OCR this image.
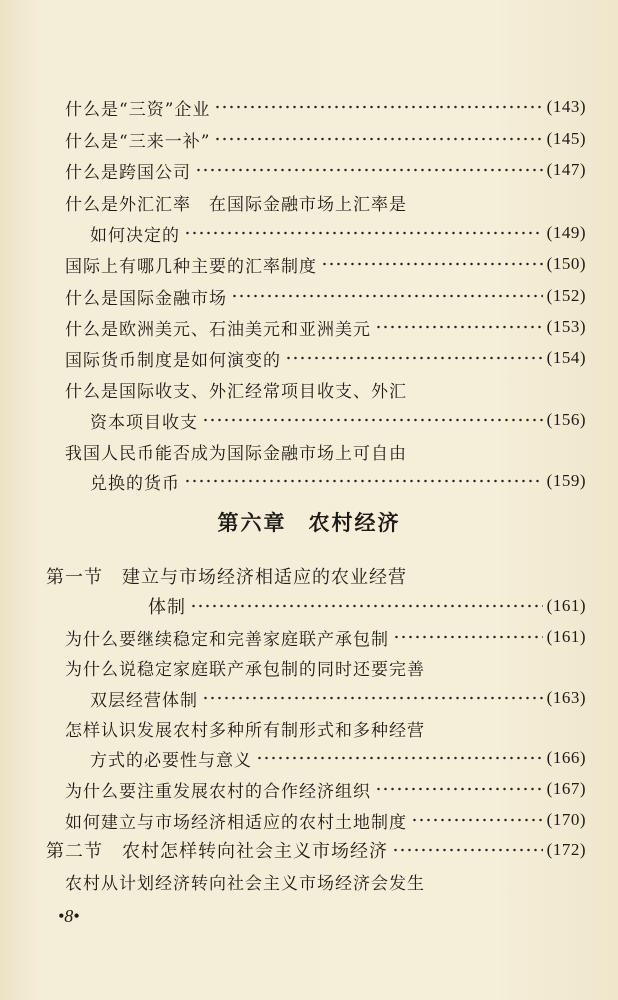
什么是“三资”企业	(143)
什么是“三来一补”	(145)
什么是跨国公司	(147)
什么是外汇汇率　在国际金融市场上汇率是
如何决定的	(149)
国际上有哪几种主要的汇率制度	(150)
什么是国际金融市场	(152)
什么是欧洲美元、石油美元和亚洲美元	(153)
国际货币制度是如何演变的	(154)
什么是国际收支、外汇经常项目收支、外汇
资本项目收支	(156)
我国人民币能否成为国际金融市场上可自由
兑换的货币	(159)
第六章 农村经济
第一节　建立与市场经济相适应的农业经营
体制	(161)
为什么要继续稳定和完善家庭联产承包制	(161)
为什么说稳定家庭联产承包制的同时还要完善
双层经营体制	(163)
怎样认识发展农村多种所有制形式和多种经营
方式的必要性与意义	(166)
为什么要注重发展农村的合作经济组织	(167)
如何建立与市场经济相适应的农村土地制度	(170)
第二节　农村怎样转向社会主义市场经济	(172)
农村从计划经济转向社会主义市场经济会发生
•8•
